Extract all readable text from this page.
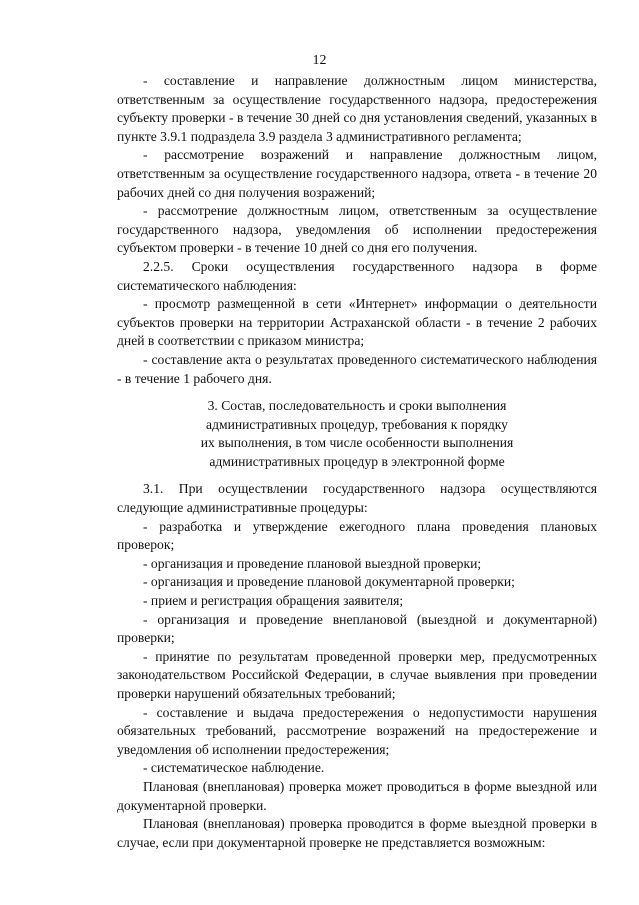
12

- составление и направление должностным лицом министерства, ответственным за осуществление государственного надзора, предостережения субъекту проверки - в течение 30 дней со дня установления сведений, указанных в пункте 3.9.1 подраздела 3.9 раздела 3 административного регламента;

- рассмотрение возражений и направление должностным лицом, ответственным за осуществление государственного надзора, ответа - в течение 20 рабочих дней со дня получения возражений;

- рассмотрение должностным лицом, ответственным за осуществление государственного надзора, уведомления об исполнении предостережения субъектом проверки - в течение 10 дней со дня его получения.

2.2.5. Сроки осуществления государственного надзора в форме систематического наблюдения:

- просмотр размещенной в сети «Интернет» информации о деятельности субъектов проверки на территории Астраханской области - в течение 2 рабочих дней в соответствии с приказом министра;

- составление акта о результатах проведенного систематического наблюдения - в течение 1 рабочего дня.

3. Состав, последовательность и сроки выполнения
административных процедур, требования к порядку
их выполнения, в том числе особенности выполнения
административных процедур в электронной форме

3.1. При осуществлении государственного надзора осуществляются следующие административные процедуры:

- разработка и утверждение ежегодного плана проведения плановых проверок;

- организация и проведение плановой выездной проверки;

- организация и проведение плановой документарной проверки;

- прием и регистрация обращения заявителя;

- организация и проведение внеплановой (выездной и документарной) проверки;

- принятие по результатам проведенной проверки мер, предусмотренных законодательством Российской Федерации, в случае выявления при проведении проверки нарушений обязательных требований;

- составление и выдача предостережения о недопустимости нарушения обязательных требований, рассмотрение возражений на предостережение и уведомления об исполнении предостережения;

- систематическое наблюдение.

Плановая (внеплановая) проверка может проводиться в форме выездной или документарной проверки.

Плановая (внеплановая) проверка проводится в форме выездной проверки в случае, если при документарной проверке не представляется возможным:
